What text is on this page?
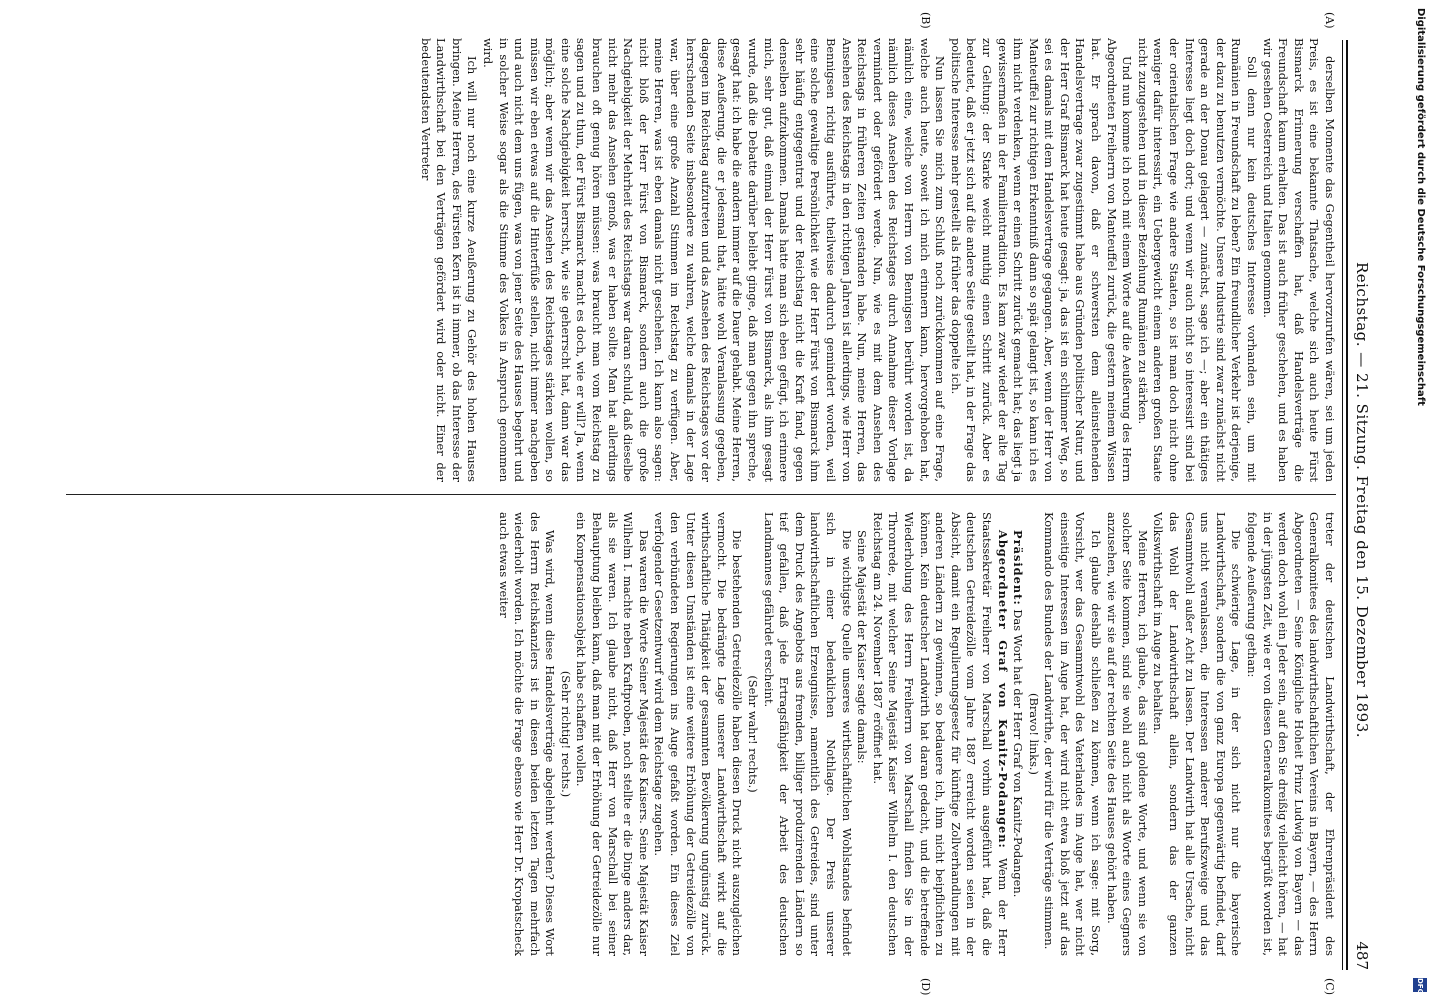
Reichstag. — 21. Sitzung. Freitag den 15. Dezember 1893.
487
(A)
(B)
(C)
(D)

derselben Momente das Gegentheil hervorzurufen wären, sei um jeden Preis, es ist eine bekannte Thatsache, welche sich auch heute Fürst Bismarck Erinnerung verschaffen hat, daß Handelsverträge die Freundschaft kaum erhalten. Das ist auch früher geschehen, und es haben wir gesehen Oesterreich und Italien genommen.

Soll denn nur kein deutsches Interesse vorhanden sein, um mit Rumänien in Freundschaft zu leben? Ein freundlicher Verkehr ist derjenige, der dazu zu benutzen vermöchte. Unsere Industrie sind zwar zunächst nicht gerade an der Donau gelagert — zunächst, sage ich —; aber ein thätiges Interesse liegt doch dort; und wenn wir auch nicht so interessirt sind bei der orientalischen Frage wie andere Staaten, so ist man doch nicht ohne weniger dafür interessirt, ein Uebergewicht einem anderen großen Staate nicht zuzugestehen und in dieser Beziehung Rumänien zu stärken.

Und nun komme ich noch mit einem Worte auf die Aeußerung des Herrn Abgeordneten Freiherrn von Manteuffel zurück, die gestern meinem Wissen hat. Er sprach davon, daß er schwersten dem alleinstehenden Handelsvertrage zwar zugestimmt habe aus Gründen politischer Natur, und der Herr Graf Bismarck hat heute gesagt: ja, das ist ein schlimmer Weg, so sei es damals mit dem Handelsvertrage gegangen. Aber, wenn der Herr von Manteuffel zur richtigen Erkenntniß dann so spät gelangt ist, so kann ich es ihm nicht verdenken, wenn er einen Schritt zurück gemacht hat; das liegt ja gewissermaßen in der Familientradition. Es kam zwar wieder der alte Tag zur Geltung: der Starke weicht muthig einen Schritt zurück. Aber es bedeutet, daß er jetzt sich auf die andere Seite gestellt hat, in der Frage das politische Interesse mehr gestellt als früher das doppelte ich.

Nun lassen Sie mich zum Schluß noch zurückkommen auf eine Frage, welche auch heute, soweit ich mich erinnern kann, hervorgehoben hat, nämlich eine, welche von Herrn von Bennigsen berührt worden ist, da nämlich dieses Ansehen des Reichstages durch Annahme dieser Vorlage vermindert oder gefördert werde. Nun, wie es mit dem Ansehen des Reichstags in früheren Zeiten gestanden habe. Nun, meine Herren, das Ansehen des Reichstags in den richtigen Jahren ist allerdings, wie Herr von Bennigsen richtig ausführte, theilweise dadurch gemindert worden, weil eine solche gewaltige Persönlichkeit wie der Herr Fürst von Bismarck ihm sehr häufig entgegentrat und der Reichstag nicht die Kraft fand, gegen denselben aufzukommen. Damals hatte man sich eben gefügt, ich erinnere mich, sehr gut, daß einmal der Herr Fürst von Bismarck, als ihm gesagt wurde, daß die Debatte darüber beliebt ginge, daß man gegen ihn spreche, gesagt hat: ich habe die andern immer auf die Dauer gehabt. Meine Herren, diese Aeußerung, die er jedesmal that, hätte wohl Veranlassung gegeben, dagegen im Reichstag aufzutreten und das Ansehen des Reichstages vor der herrschenden Seite insbesondere zu wahren, welche damals in der Lage war, über eine große Anzahl Stimmen im Reichstag zu verfügen. Aber, meine Herren, was ist eben damals nicht geschehen. Ich kann also sagen: nicht bloß der Herr Fürst von Bismarck, sondern auch die große Nachgiebigkeit der Mehrheit des Reichstags war daran schuld, daß dieselbe nicht mehr das Ansehen genoß, was er haben sollte. Man hat allerdings brauchen oft genug hören müssen: was braucht man vom Reichstag zu sagen und zu thun, der Fürst Bismarck macht es doch, wie er will? Ja, wenn eine solche Nachgiebigkeit herrscht, wie sie geherrscht hat, dann war das möglich; aber wenn wir das Ansehen des Reichstages stärken wollen, so müssen wir eben etwas auf die Hinterfüße stellen, nicht immer nachgeben und auch nicht dem uns fügen, was von jener Seite des Hauses begehrt und in solcher Weise sogar als die Stimme des Volkes in Anspruch genommen wird.

Ich will nur noch eine kurze Aeußerung zu Gehör des hohen Hauses bringen. Meine Herren, des Fürsten Kern ist in immer, ob das Interesse der Landwirthschaft bei den Verträgen gefördert wird oder nicht. Einer der bedeutendsten Vertreter

treter der deutschen Landwirthschaft, der Ehrenpräsident des Generalkomitees des landwirthschaftlichen Vereins in Bayern, — des Herrn Abgeordneten — Seine Königliche Hoheit Prinz Ludwig von Bayern — das werden doch wohl ein Jeder sein, auf den Sie dreißig vielleicht hören, — hat in der jüngsten Zeit, wie er von diesen Generalkomitees begrüßt worden ist, folgende Aeußerung gethan:

Die schwierige Lage, in der sich nicht nur die bayerische Landwirthschaft, sondern die von ganz Europa gegenwärtig befindet, darf uns nicht veranlassen, die Interessen anderer Berufszweige und das Gesammtwohl außer Acht zu lassen. Der Landwirth hat alle Ursache, nicht das Wohl der Landwirthschaft allein, sondern das der ganzen Volkswirthschaft im Auge zu behalten.

Meine Herren, ich glaube, das sind goldene Worte, und wenn sie von solcher Seite kommen, sind sie wohl auch nicht als Worte eines Gegners anzusehen, wie wir sie auf der rechten Seite des Hauses gehört haben.

Ich glaube deshalb schließen zu können, wenn ich sage: mit Sorg, Vorsicht, wer das Gesammtwohl des Vaterlandes im Auge hat, wer nicht einseitige Interessen im Auge hat, der wird nicht etwa bloß jetzt auf das Kommando des Bundes der Landwirthe, der wird für die Verträge stimmen.

(Bravo! links.)

Präsident: Das Wort hat der Herr Graf von Kanitz-Podangen.

Abgeordneter Graf von Kanitz-Podangen: Wenn der Herr Staatssekretär Freiherr von Marschall vorhin ausgeführt hat, daß die deutschen Getreidezölle vom Jahre 1887 erreicht worden seien in der Absicht, damit ein Regulierungsgesetz für künftige Zollverhandlungen mit anderen Ländern zu gewinnen, so bedauere ich, ihm nicht beipflichten zu können. Kein deutscher Landwirth hat daran gedacht, und die betreffende Wiederholung des Herrn Freiherrn von Marschall finden Sie in der Thronrede, mit welcher Seine Majestät Kaiser Wilhelm I. den deutschen Reichstag am 24. November 1887 eröffnet hat.

Seine Majestät der Kaiser sagte damals:

Die wichtigste Quelle unseres wirthschaftlichen Wohlstandes befindet sich in einer bedenklichen Nothlage. Der Preis unserer landwirthschaftlichen Erzeugnisse, namentlich des Getreides, sind unter dem Druck des Angebots aus fremden, billiger produzirenden Ländern so tief gefallen, daß jede Ertragsfähigkeit der Arbeit des deutschen Landmannes gefährdet erscheint.

(Sehr wahr! rechts.)

Die bestehenden Getreidezölle haben diesen Druck nicht auszugleichen vermocht. Die bedrängte Lage unserer Landwirthschaft wirkt auf die wirthschaftliche Thätigkeit der gesammten Bevölkerung ungünstig zurück. Unter diesen Umständen ist eine weitere Erhöhung der Getreidezölle von den verbündeten Regierungen ins Auge gefaßt worden. Ein dieses Ziel verfolgender Gesetzentwurf wird dem Reichstage zugehen.

Das waren die Worte Seiner Majestät des Kaisers. Seine Majestät Kaiser Wilhelm I. machte neben Kraftproben, noch stellte er die Dinge anders dar, als sie waren. Ich glaube nicht, daß Herr von Marschall bei seiner Behauptung bleiben kann, daß man mit der Erhöhung der Getreidezölle nur ein Kompensationsobjekt habe schaffen wollen.

(Sehr richtig! rechts.)

Was wird, wenn diese Handelsverträge abgelehnt werden? Dieses Wort des Herrn Reichskanzlers ist in diesen beiden letzten Tagen mehrfach wiederholt worden. Ich möchte die Frage ebenso wie Herr Dr. Kropatscheck auch etwas weiter

Digitalisierung gefördert durch die Deutsche Forschungsgemeinschaft
DFG
